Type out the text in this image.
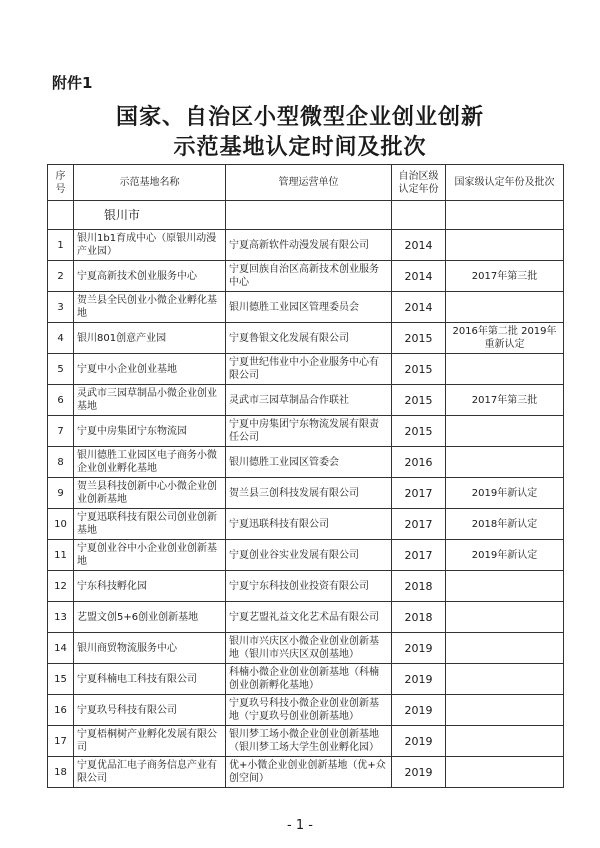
附件1
国家、自治区小型微型企业创业创新
示范基地认定时间及批次
序号	示范基地名称	管理运营单位	自治区级认定年份	国家级认定年份及批次
	银川市			
1	银川1b1育成中心（原银川动漫产业园）	宁夏高新软件动漫发展有限公司	2014	
2	宁夏高新技术创业服务中心	宁夏回族自治区高新技术创业服务中心	2014	2017年第三批
3	贺兰县全民创业小微企业孵化基地	银川德胜工业园区管理委员会	2014	
4	银川801创意产业园	宁夏鲁银文化发展有限公司	2015	2016年第二批 2019年重新认定
5	宁夏中小企业创业基地	宁夏世纪伟业中小企业服务中心有限公司	2015	
6	灵武市三园草制品小微企业创业基地	灵武市三园草制品合作联社	2015	2017年第三批
7	宁夏中房集团宁东物流园	宁夏中房集团宁东物流发展有限责任公司	2015	
8	银川德胜工业园区电子商务小微企业创业孵化基地	银川德胜工业园区管委会	2016	
9	贺兰县科技创新中心小微企业创业创新基地	贺兰县三创科技发展有限公司	2017	2019年新认定
10	宁夏迅联科技有限公司创业创新基地	宁夏迅联科技有限公司	2017	2018年新认定
11	宁夏创业谷中小企业创业创新基地	宁夏创业谷实业发展有限公司	2017	2019年新认定
12	宁东科技孵化园	宁夏宁东科技创业投资有限公司	2018	
13	艺盟文创5+6创业创新基地	宁夏艺盟礼益文化艺术品有限公司	2018	
14	银川商贸物流服务中心	银川市兴庆区小微企业创业创新基地（银川市兴庆区双创基地）	2019	
15	宁夏科楠电工科技有限公司	科楠小微企业创业创新基地（科楠创业创新孵化基地）	2019	
16	宁夏玖号科技有限公司	宁夏玖号科技小微企业创业创新基地（宁夏玖号创业创新基地）	2019	
17	宁夏梧桐树产业孵化发展有限公司	银川梦工场小微企业创业创新基地（银川梦工场大学生创业孵化园）	2019	
18	宁夏优品汇电子商务信息产业有限公司	优+小微企业创业创新基地（优+众创空间）	2019	
- 1 -
